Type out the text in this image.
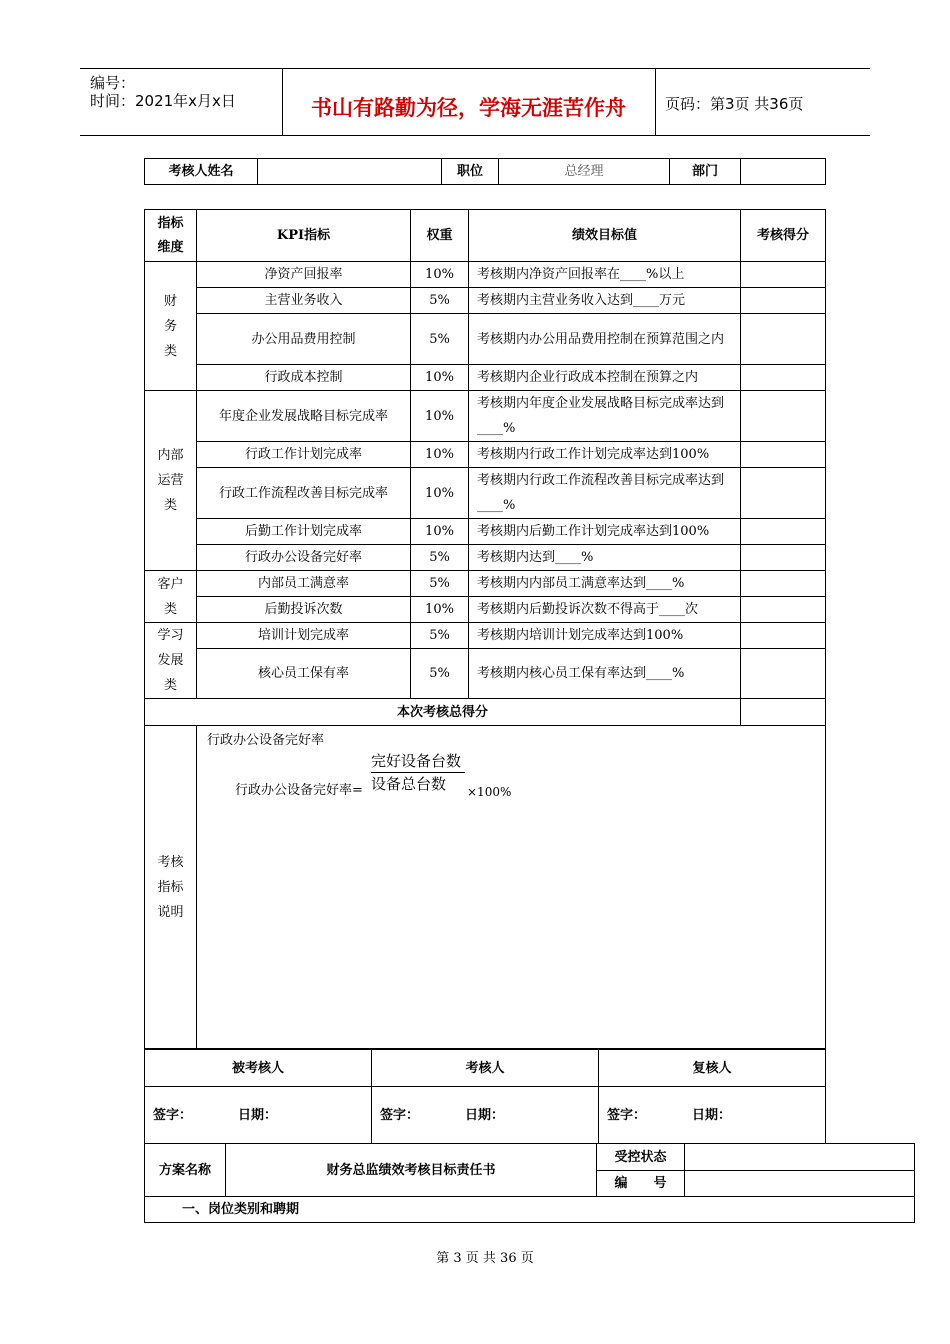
编号：
时间：2021年x月x日	书山有路勤为径，学海无涯苦作舟	页码：第3页 共36页
考核人姓名		职位	总经理	部门	
指标维度	KPI指标	权重	绩效目标值	考核得分
财务类	净资产回报率	10%	考核期内净资产回报率在____%以上	
	主营业务收入	5%	考核期内主营业务收入达到____万元	
	办公用品费用控制	5%	考核期内办公用品费用控制在预算范围之内	
	行政成本控制	10%	考核期内企业行政成本控制在预算之内	
内部运营类	年度企业发展战略目标完成率	10%	考核期内年度企业发展战略目标完成率达到____%	
	行政工作计划完成率	10%	考核期内行政工作计划完成率达到100%	
	行政工作流程改善目标完成率	10%	考核期内行政工作流程改善目标完成率达到____%	
	后勤工作计划完成率	10%	考核期内后勤工作计划完成率达到100%	
	行政办公设备完好率	5%	考核期内达到____%	
客户类	内部员工满意率	5%	考核期内内部员工满意率达到____%	
	后勤投诉次数	10%	考核期内后勤投诉次数不得高于____次	
学习发展类	培训计划完成率	5%	考核期内培训计划完成率达到100%	
	核心员工保有率	5%	考核期内核心员工保有率达到____%	
本次考核总得分				
考核指标说明	行政办公设备完好率
完好设备台数
行政办公设备完好率= 设备总台数 ×100%			
被考核人	考核人	复核人
签字： 日期：	签字： 日期：	签字： 日期：
方案名称	财务总监绩效考核目标责任书	受控状态	
		编　　号	
一、岗位类别和聘期			
第 3 页 共 36 页
